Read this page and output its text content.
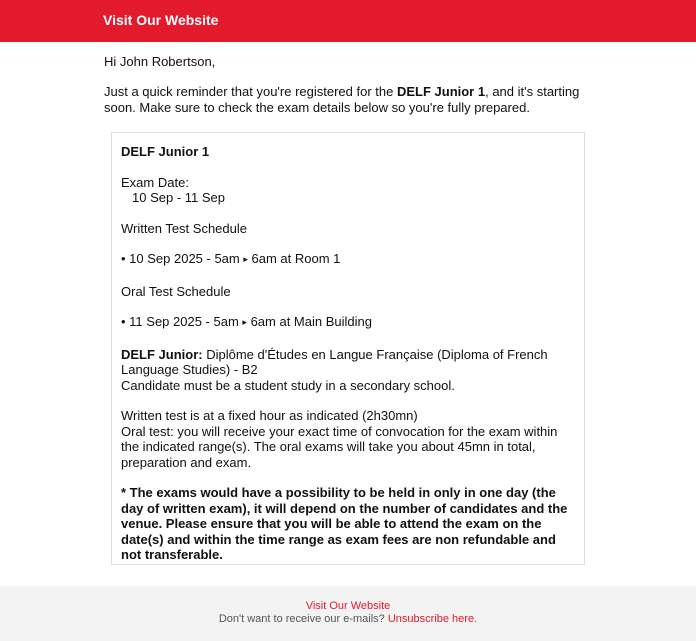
Visit Our Website

Hi John Robertson,

Just a quick reminder that you're registered for the DELF Junior 1, and it's starting soon. Make sure to check the exam details below so you're fully prepared.

DELF Junior 1

Exam Date:

10 Sep - 11 Sep

Written Test Schedule

• 10 Sep 2025 - 5am ▸ 6am at Room 1

Oral Test Schedule

• 11 Sep 2025 - 5am ▸ 6am at Main Building

DELF Junior: Diplôme d'Études en Langue Française (Diploma of French Language Studies) - B2

Candidate must be a student study in a secondary school.

Written test is at a fixed hour as indicated (2h30mn)

Oral test: you will receive your exact time of convocation for the exam within the indicated range(s). The oral exams will take you about 45mn in total, preparation and exam.

* The exams would have a possibility to be held in only in one day (the day of written exam), it will depend on the number of candidates and the venue. Please ensure that you will be able to attend the exam on the date(s) and within the time range as exam fees are non refundable and not transferable.

Visit Our Website
Don't want to receive our e-mails? Unsubscribe here.
